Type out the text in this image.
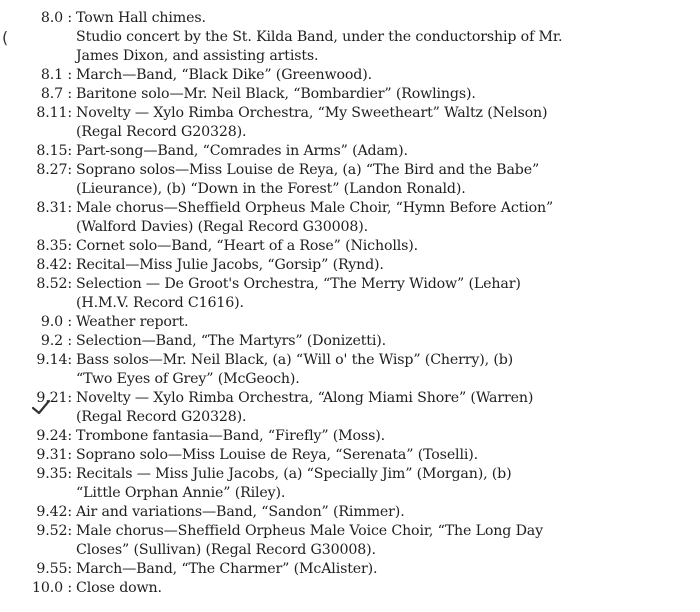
8.0 : Town Hall chimes.
Studio concert by the St. Kilda Band, under the conductorship of Mr.
James Dixon, and assisting artists.
8.1 : March—Band, “Black Dike” (Greenwood).
8.7 : Baritone solo—Mr. Neil Black, “Bombardier” (Rowlings).
8.11: Novelty — Xylo Rimba Orchestra, “My Sweetheart” Waltz (Nelson)
(Regal Record G20328).
8.15: Part-song—Band, “Comrades in Arms” (Adam).
8.27: Soprano solos—Miss Louise de Reya, (a) “The Bird and the Babe”
(Lieurance), (b) “Down in the Forest” (Landon Ronald).
8.31: Male chorus—Sheffield Orpheus Male Choir, “Hymn Before Action”
(Walford Davies) (Regal Record G30008).
8.35: Cornet solo—Band, “Heart of a Rose” (Nicholls).
8.42: Recital—Miss Julie Jacobs, “Gorsip” (Rynd).
8.52: Selection — De Groot's Orchestra, “The Merry Widow” (Lehar)
(H.M.V. Record C1616).
9.0 : Weather report.
9.2 : Selection—Band, “The Martyrs” (Donizetti).
9.14: Bass solos—Mr. Neil Black, (a) “Will o' the Wisp” (Cherry), (b)
“Two Eyes of Grey” (McGeoch).
9.21: Novelty — Xylo Rimba Orchestra, “Along Miami Shore” (Warren)
(Regal Record G20328).
9.24: Trombone fantasia—Band, “Firefly” (Moss).
9.31: Soprano solo—Miss Louise de Reya, “Serenata” (Toselli).
9.35: Recitals — Miss Julie Jacobs, (a) “Specially Jim” (Morgan), (b)
“Little Orphan Annie” (Riley).
9.42: Air and variations—Band, “Sandon” (Rimmer).
9.52: Male chorus—Sheffield Orpheus Male Voice Choir, “The Long Day
Closes” (Sullivan) (Regal Record G30008).
9.55: March—Band, “The Charmer” (McAlister).
10.0 : Close down.
(
